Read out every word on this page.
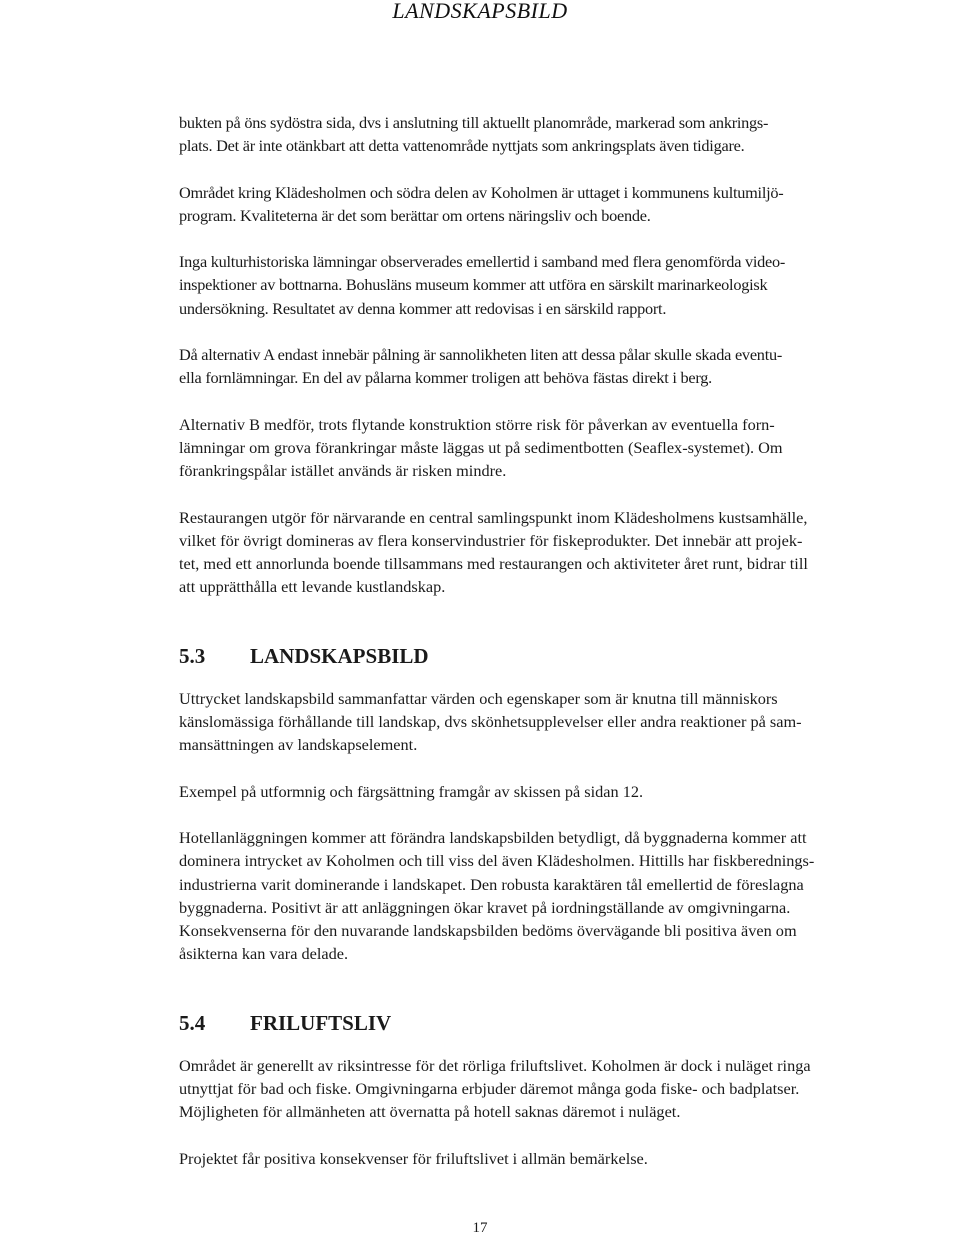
LANDSKAPSBILD

bukten på öns sydöstra sida, dvs i anslutning till aktuellt planområde, markerad som ankrings-
plats. Det är inte otänkbart att detta vattenområde nyttjats som ankringsplats även tidigare.

Området kring Klädesholmen och södra delen av Koholmen är uttaget i kommunens kultumiljö-
program. Kvaliteterna är det som berättar om ortens näringsliv och boende.

Inga kulturhistoriska lämningar observerades emellertid i samband med flera genomförda video-
inspektioner av bottnarna. Bohusläns museum kommer att utföra en särskilt marinarkeologisk
undersökning. Resultatet av denna kommer att redovisas i en särskild rapport.

Då alternativ A endast innebär pålning är sannolikheten liten att dessa pålar skulle skada eventu-
ella fornlämningar. En del av pålarna kommer troligen att behöva fästas direkt i berg.

Alternativ B medför, trots flytande konstruktion större risk för påverkan av eventuella forn-
lämningar om grova förankringar måste läggas ut på sedimentbotten (Seaflex-systemet). Om
förankringspålar istället används är risken mindre.

Restaurangen utgör för närvarande en central samlingspunkt inom Klädesholmens kustsamhälle,
vilket för övrigt domineras av flera konservindustrier för fiskeprodukter. Det innebär att projek-
tet, med ett annorlunda boende tillsammans med restaurangen och aktiviteter året runt, bidrar till
att upprätthålla ett levande kustlandskap.

5.3	LANDSKAPSBILD

Uttrycket landskapsbild sammanfattar värden och egenskaper som är knutna till människors
känslomässiga förhållande till landskap, dvs skönhetsupplevelser eller andra reaktioner på sam-
mansättningen av landskapselement.

Exempel på utformnig och färgsättning framgår av skissen på sidan 12.

Hotellanläggningen kommer att förändra landskapsbilden betydligt, då byggnaderna kommer att
dominera intrycket av Koholmen och till viss del även Klädesholmen. Hittills har fiskberednings-
industrierna varit dominerande i landskapet. Den robusta karaktären tål emellertid de föreslagna
byggnaderna. Positivt är att anläggningen ökar kravet på iordningställande av omgivningarna.
Konsekvenserna för den nuvarande landskapsbilden bedöms övervägande bli positiva även om
åsikterna kan vara delade.

5.4	FRILUFTSLIV

Området är generellt av riksintresse för det rörliga friluftslivet. Koholmen är dock i nuläget ringa
utnyttjat för bad och fiske. Omgivningarna erbjuder däremot många goda fiske- och badplatser.
Möjligheten för allmänheten att övernatta på hotell saknas däremot i nuläget.

Projektet får positiva konsekvenser för friluftslivet i allmän bemärkelse.

17
